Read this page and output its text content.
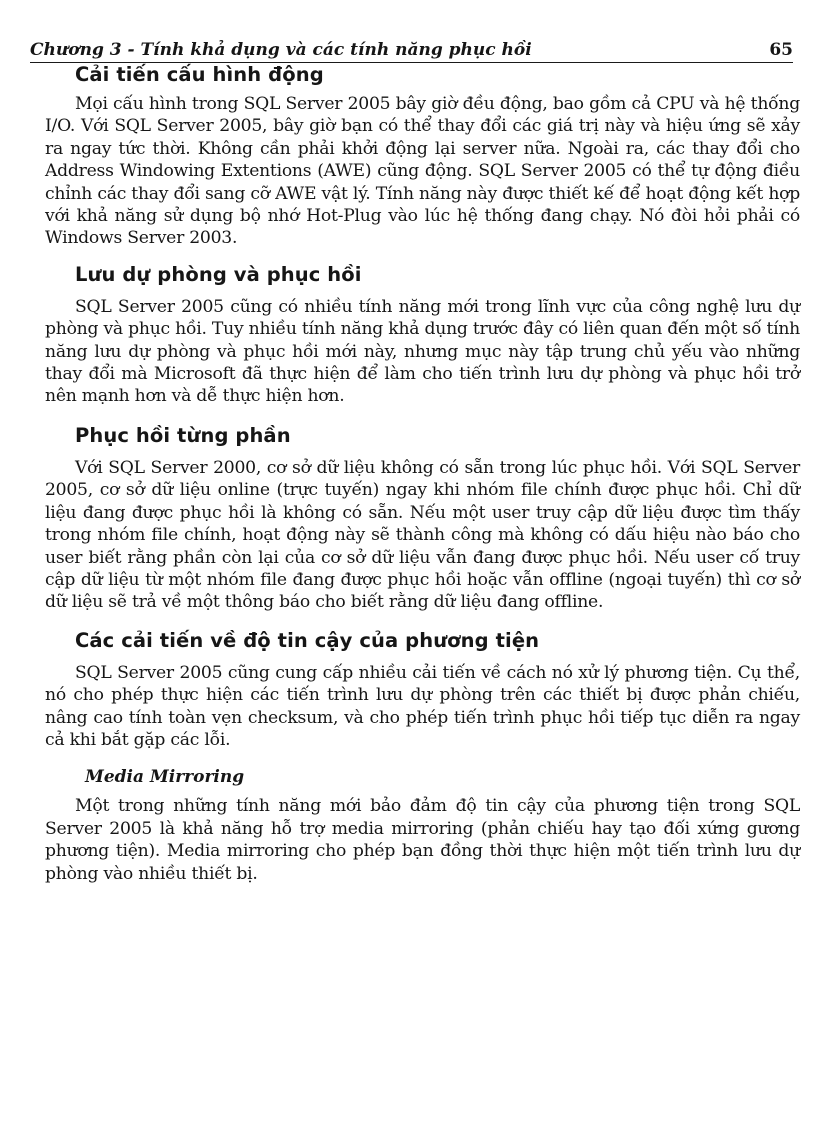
Chương 3 - Tính khả dụng và các tính năng phục hồi	65
Cải tiến cấu hình động

Mọi cấu hình trong SQL Server 2005 bây giờ đều động, bao gồm cả CPU và hệ thống I/O. Với SQL Server 2005, bây giờ bạn có thể thay đổi các giá trị này và hiệu ứng sẽ xảy ra ngay tức thời. Không cần phải khởi động lại server nữa. Ngoài ra, các thay đổi cho Address Windowing Extentions (AWE) cũng động. SQL Server 2005 có thể tự động điều chỉnh các thay đổi sang cỡ AWE vật lý. Tính năng này được thiết kế để hoạt động kết hợp với khả năng sử dụng bộ nhớ Hot-Plug vào lúc hệ thống đang chạy. Nó đòi hỏi phải có Windows Server 2003.

Lưu dự phòng và phục hồi

SQL Server 2005 cũng có nhiều tính năng mới trong lĩnh vực của công nghệ lưu dự phòng và phục hồi. Tuy nhiều tính năng khả dụng trước đây có liên quan đến một số tính năng lưu dự phòng và phục hồi mới này, nhưng mục này tập trung chủ yếu vào những thay đổi mà Microsoft đã thực hiện để làm cho tiến trình lưu dự phòng và phục hồi trở nên mạnh hơn và dễ thực hiện hơn.

Phục hồi từng phần

Với SQL Server 2000, cơ sở dữ liệu không có sẵn trong lúc phục hồi. Với SQL Server 2005, cơ sở dữ liệu online (trực tuyến) ngay khi nhóm file chính được phục hồi. Chỉ dữ liệu đang được phục hồi là không có sẵn. Nếu một user truy cập dữ liệu được tìm thấy trong nhóm file chính, hoạt động này sẽ thành công mà không có dấu hiệu nào báo cho user biết rằng phần còn lại của cơ sở dữ liệu vẫn đang được phục hồi. Nếu user cố truy cập dữ liệu từ một nhóm file đang được phục hồi hoặc vẫn offline (ngoại tuyến) thì cơ sở dữ liệu sẽ trả về một thông báo cho biết rằng dữ liệu đang offline.

Các cải tiến về độ tin cậy của phương tiện

SQL Server 2005 cũng cung cấp nhiều cải tiến về cách nó xử lý phương tiện. Cụ thể, nó cho phép thực hiện các tiến trình lưu dự phòng trên các thiết bị được phản chiếu, nâng cao tính toàn vẹn checksum, và cho phép tiến trình phục hồi tiếp tục diễn ra ngay cả khi bắt gặp các lỗi.

Media Mirroring

Một trong những tính năng mới bảo đảm độ tin cậy của phương tiện trong SQL Server 2005 là khả năng hỗ trợ media mirroring (phản chiếu hay tạo đối xứng gương phương tiện). Media mirroring cho phép bạn đồng thời thực hiện một tiến trình lưu dự phòng vào nhiều thiết bị.
